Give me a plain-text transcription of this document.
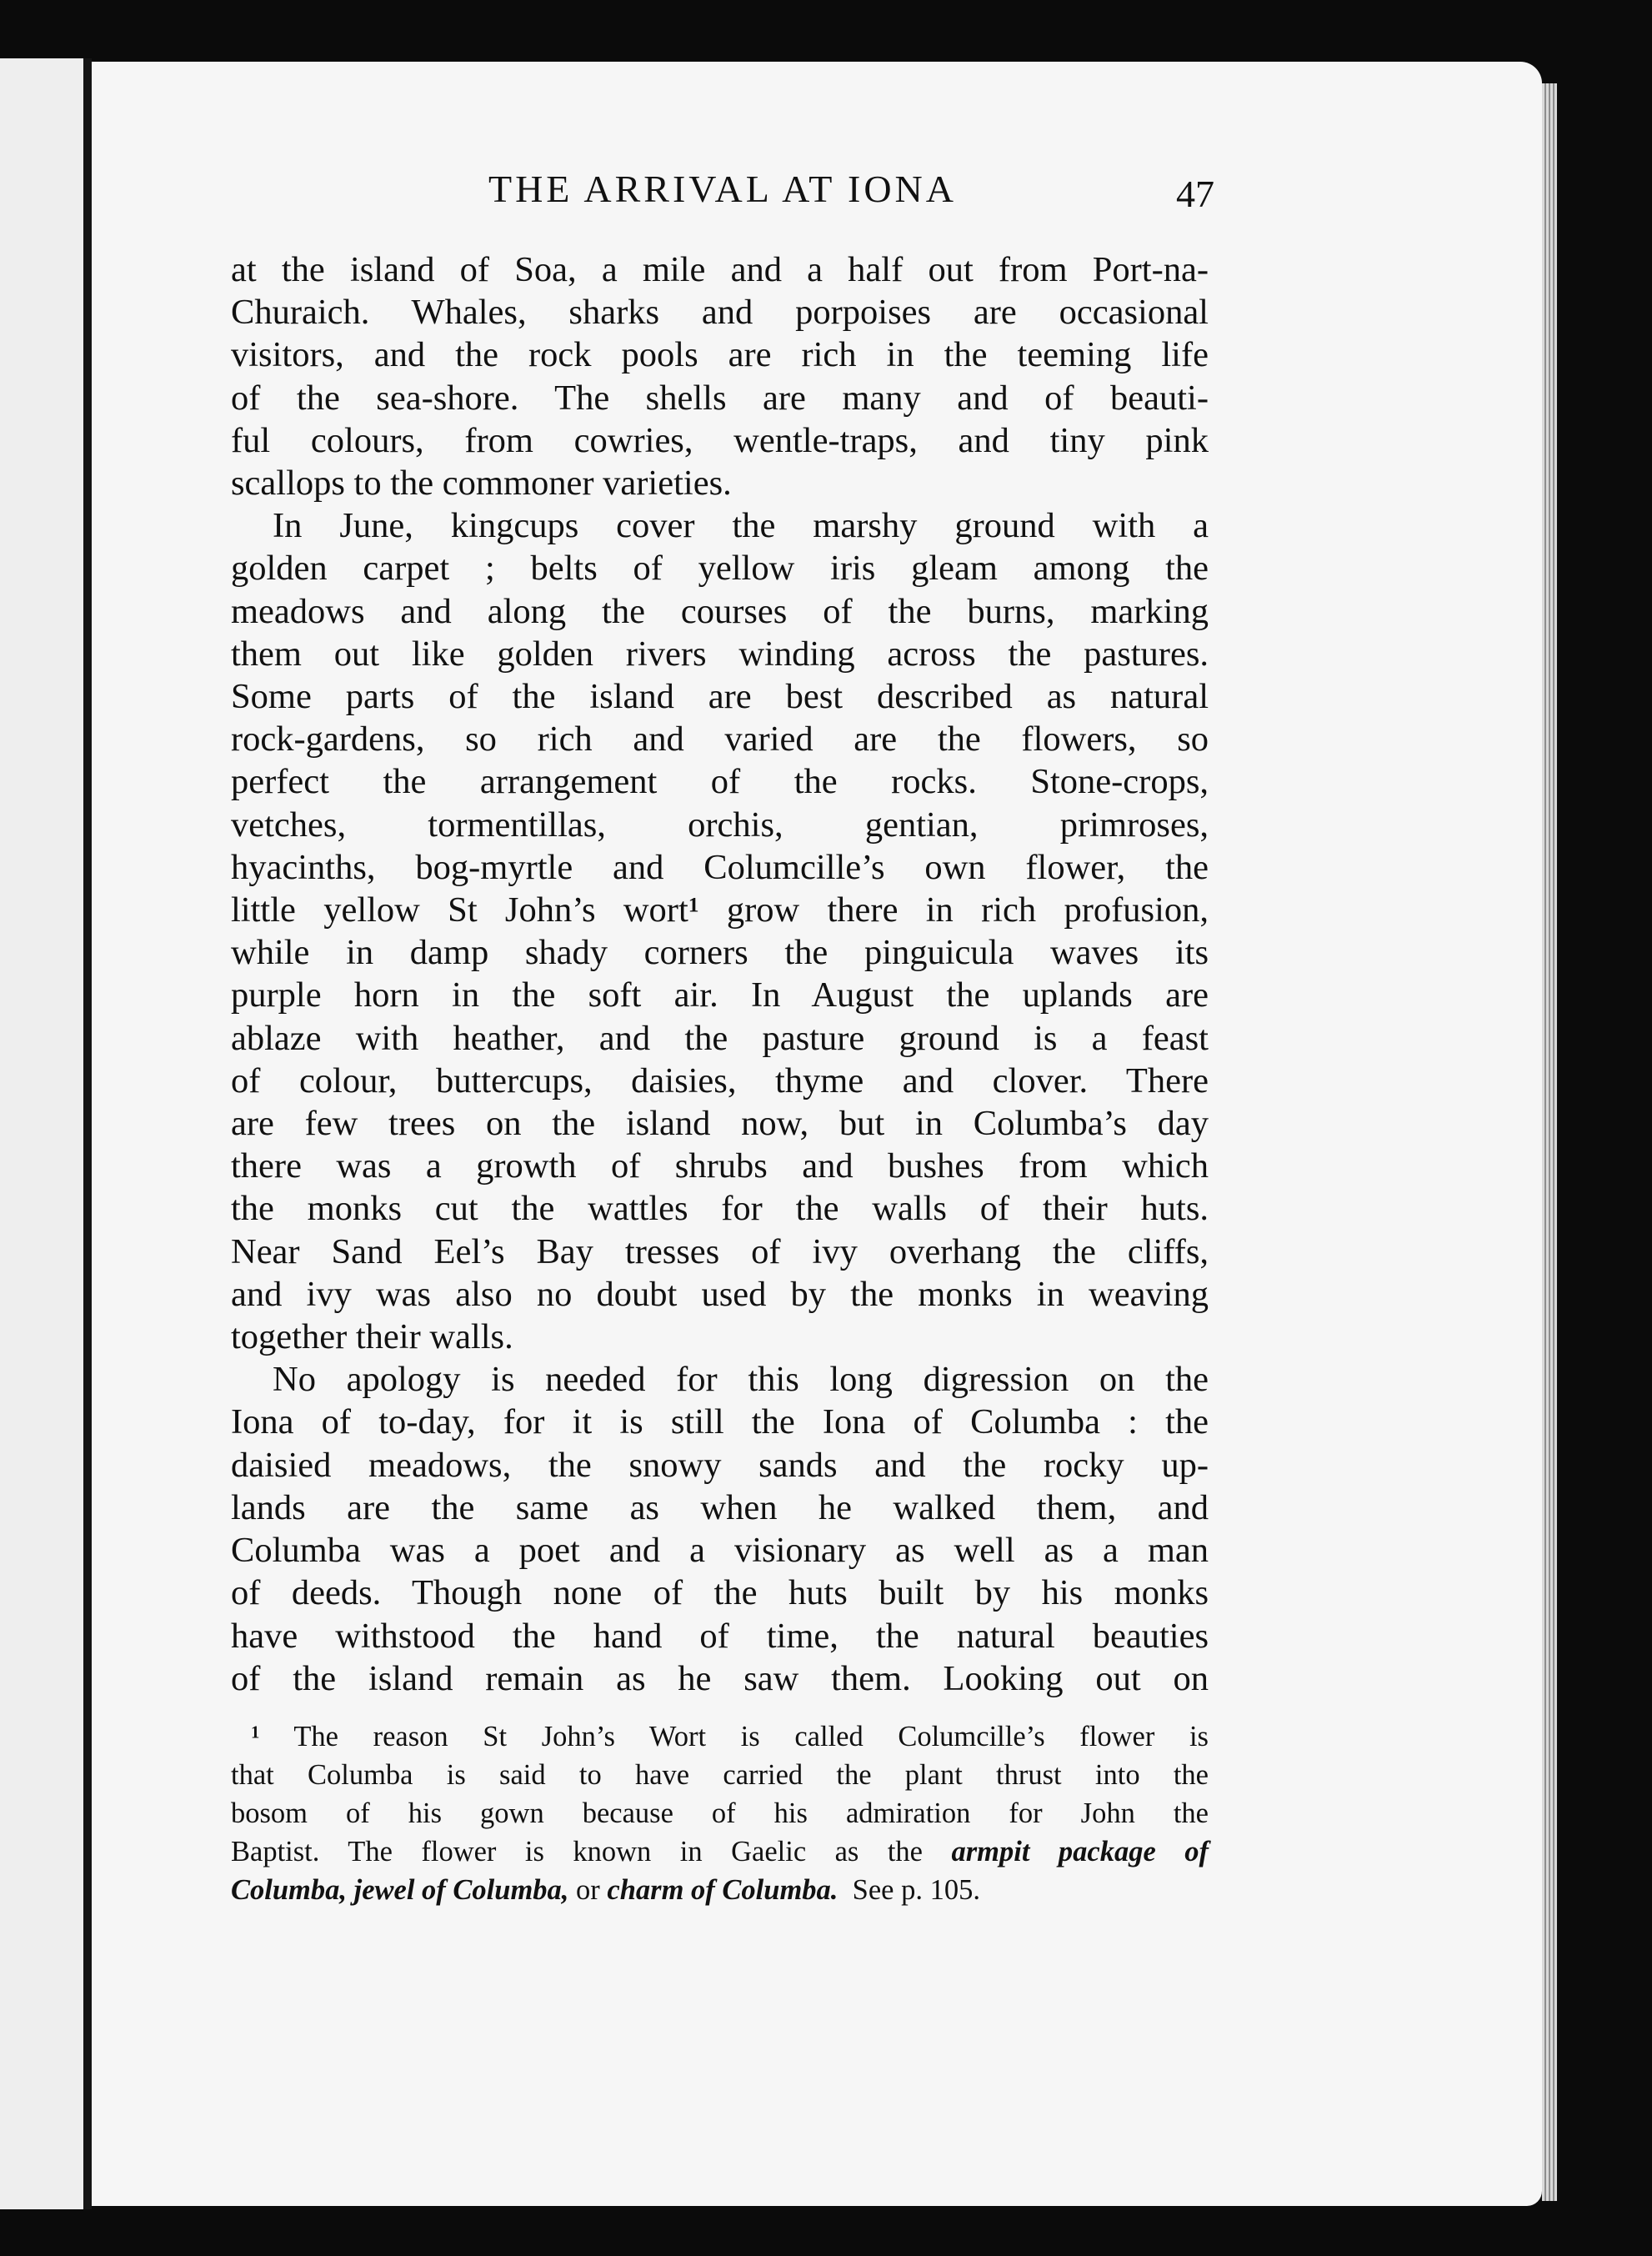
THE ARRIVAL AT IONA	47
at the island of Soa, a mile and a half out from Port-na-
Churaich. Whales, sharks and porpoises are occasional
visitors, and the rock pools are rich in the teeming life
of the sea-shore. The shells are many and of beauti-
ful colours, from cowries, wentle-traps, and tiny pink
scallops to the commoner varieties.
In June, kingcups cover the marshy ground with a
golden carpet ; belts of yellow iris gleam among the
meadows and along the courses of the burns, marking
them out like golden rivers winding across the pastures.
Some parts of the island are best described as natural
rock-gardens, so rich and varied are the flowers, so
perfect the arrangement of the rocks. Stone-crops,
vetches, tormentillas, orchis, gentian, primroses,
hyacinths, bog-myrtle and Columcille’s own flower, the
little yellow St John’s wort$^1$ grow there in rich profusion,
while in damp shady corners the pinguicula waves its
purple horn in the soft air. In August the uplands are
ablaze with heather, and the pasture ground is a feast
of colour, buttercups, daisies, thyme and clover. There
are few trees on the island now, but in Columba’s day
there was a growth of shrubs and bushes from which
the monks cut the wattles for the walls of their huts.
Near Sand Eel’s Bay tresses of ivy overhang the cliffs,
and ivy was also no doubt used by the monks in weaving
together their walls.
No apology is needed for this long digression on the
Iona of to-day, for it is still the Iona of Columba : the
daisied meadows, the snowy sands and the rocky up-
lands are the same as when he walked them, and
Columba was a poet and a visionary as well as a man
of deeds. Though none of the huts built by his monks
have withstood the hand of time, the natural beauties
of the island remain as he saw them. Looking out on
$^1$ The reason St John’s Wort is called Columcille’s flower is
that Columba is said to have carried the plant thrust into the
bosom of his gown because of his admiration for John the
Baptist. The flower is known in Gaelic as the armpit package of
Columba, jewel of Columba, or charm of Columba. See p. 105.
